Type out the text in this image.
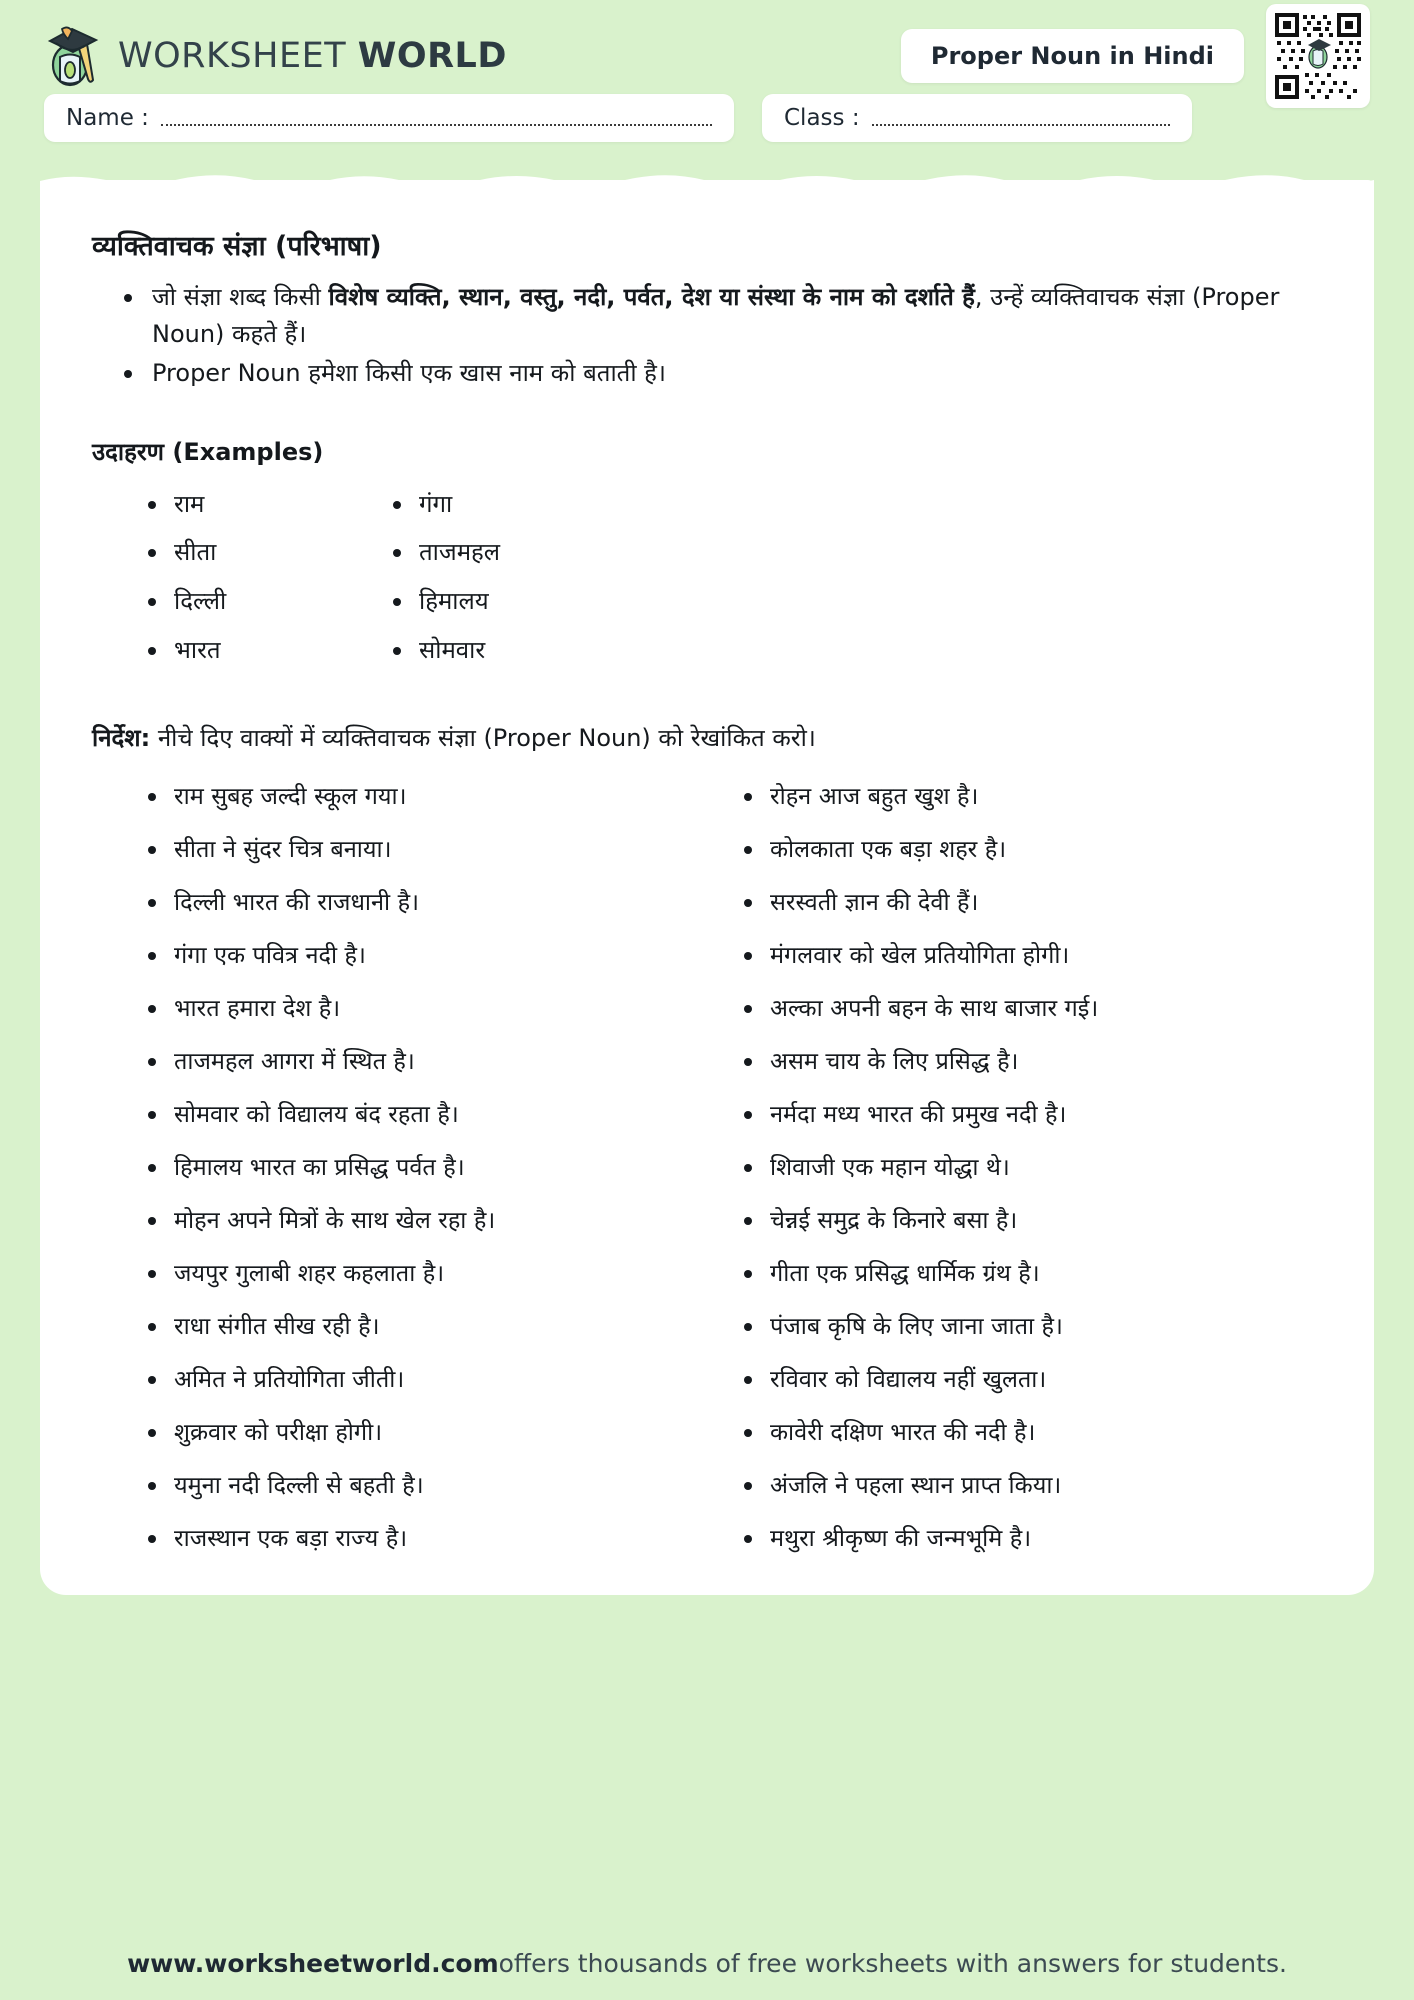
WORKSHEET WORLD	Proper Noun in Hindi
Name :	Class :
व्यक्तिवाचक संज्ञा (परिभाषा)
जो संज्ञा शब्द किसी विशेष व्यक्ति, स्थान, वस्तु, नदी, पर्वत, देश या संस्था के नाम को दर्शाते हैं, उन्हें व्यक्तिवाचक संज्ञा (Proper Noun) कहते हैं।
Proper Noun हमेशा किसी एक खास नाम को बताती है।
उदाहरण (Examples)
राम	गंगा
सीता	ताजमहल
दिल्ली	हिमालय
भारत	सोमवार
निर्देश: नीचे दिए वाक्यों में व्यक्तिवाचक संज्ञा (Proper Noun) को रेखांकित करो।
राम सुबह जल्दी स्कूल गया।	रोहन आज बहुत खुश है।
सीता ने सुंदर चित्र बनाया।	कोलकाता एक बड़ा शहर है।
दिल्ली भारत की राजधानी है।	सरस्वती ज्ञान की देवी हैं।
गंगा एक पवित्र नदी है।	मंगलवार को खेल प्रतियोगिता होगी।
भारत हमारा देश है।	अल्का अपनी बहन के साथ बाजार गई।
ताजमहल आगरा में स्थित है।	असम चाय के लिए प्रसिद्ध है।
सोमवार को विद्यालय बंद रहता है।	नर्मदा मध्य भारत की प्रमुख नदी है।
हिमालय भारत का प्रसिद्ध पर्वत है।	शिवाजी एक महान योद्धा थे।
मोहन अपने मित्रों के साथ खेल रहा है।	चेन्नई समुद्र के किनारे बसा है।
जयपुर गुलाबी शहर कहलाता है।	गीता एक प्रसिद्ध धार्मिक ग्रंथ है।
राधा संगीत सीख रही है।	पंजाब कृषि के लिए जाना जाता है।
अमित ने प्रतियोगिता जीती।	रविवार को विद्यालय नहीं खुलता।
शुक्रवार को परीक्षा होगी।	कावेरी दक्षिण भारत की नदी है।
यमुना नदी दिल्ली से बहती है।	अंजलि ने पहला स्थान प्राप्त किया।
राजस्थान एक बड़ा राज्य है।	मथुरा श्रीकृष्ण की जन्मभूमि है।
www.worksheetworld.com offers thousands of free worksheets with answers for students.
